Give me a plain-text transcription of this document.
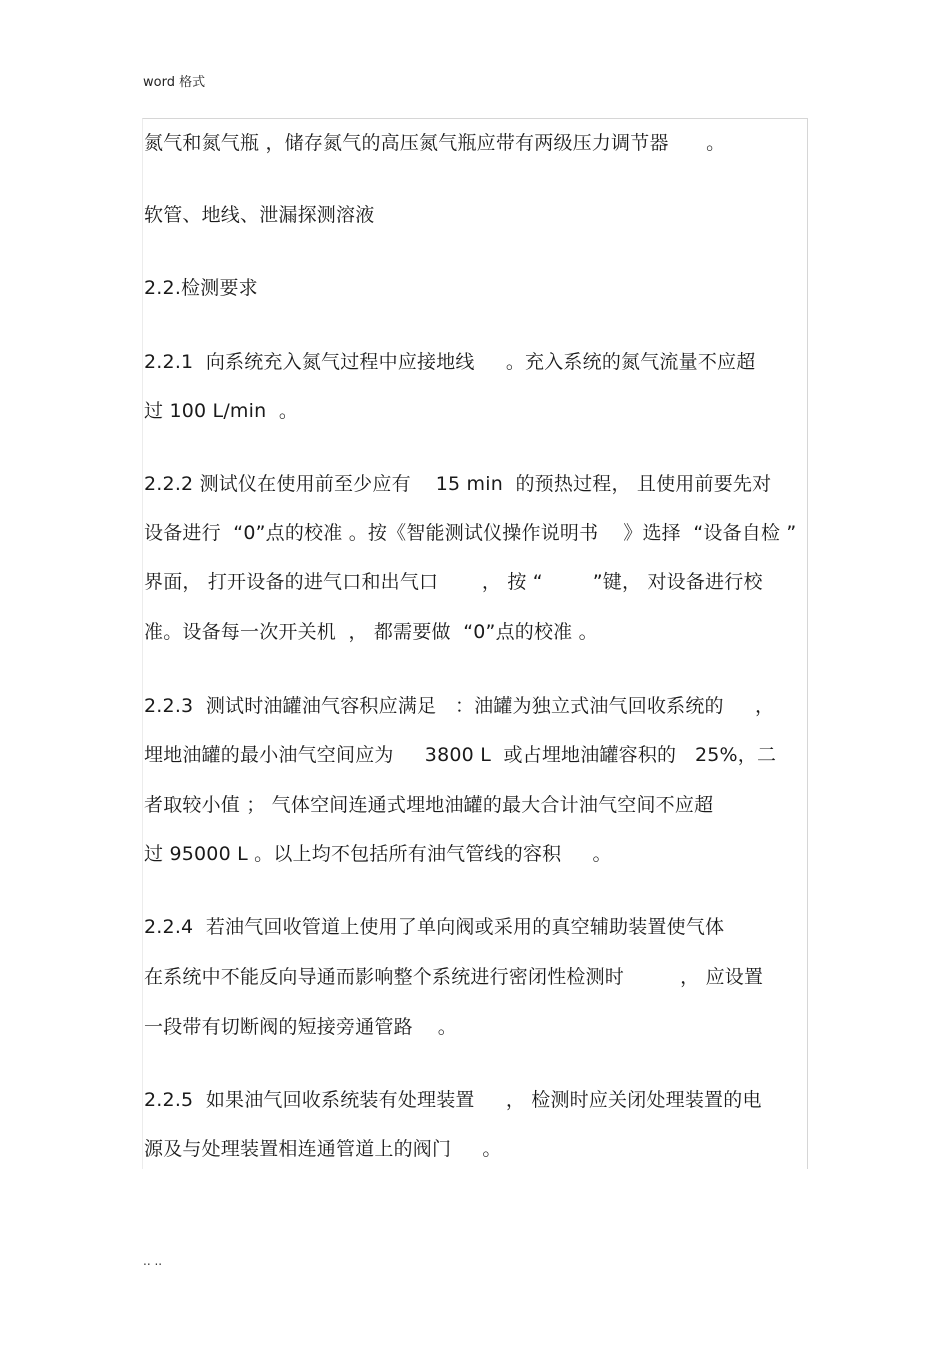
word 格式
氮气和氮气瓶 ，储存氮气的高压氮气瓶应带有两级压力调节器      。
软管、地线、泄漏探测溶液
2.2.检测要求
2.2.1  向系统充入氮气过程中应接地线     。充入系统的氮气流量不应超
过 100 L/min  。
2.2.2 测试仪在使用前至少应有    15 min  的预热过程， 且使用前要先对
设备进行  “0”点的校准 。按《智能测试仪操作说明书    》选择  “设备自检 ”
界面， 打开设备的进气口和出气口       ， 按 “        ”键， 对设备进行校
准。设备每一次开关机  ， 都需要做  “0”点的校准 。
2.2.3  测试时油罐油气容积应满足   ：油罐为独立式油气回收系统的     ，
埋地油罐的最小油气空间应为     3800 L  或占埋地油罐容积的   25%，二
者取较小值 ； 气体空间连通式埋地油罐的最大合计油气空间不应超
过 95000 L 。以上均不包括所有油气管线的容积     。
2.2.4  若油气回收管道上使用了单向阀或采用的真空辅助装置使气体
在系统中不能反向导通而影响整个系统进行密闭性检测时         ， 应设置
一段带有切断阀的短接旁通管路    。
2.2.5  如果油气回收系统装有处理装置     ， 检测时应关闭处理装置的电
源及与处理装置相连通管道上的阀门     。
.. ..
